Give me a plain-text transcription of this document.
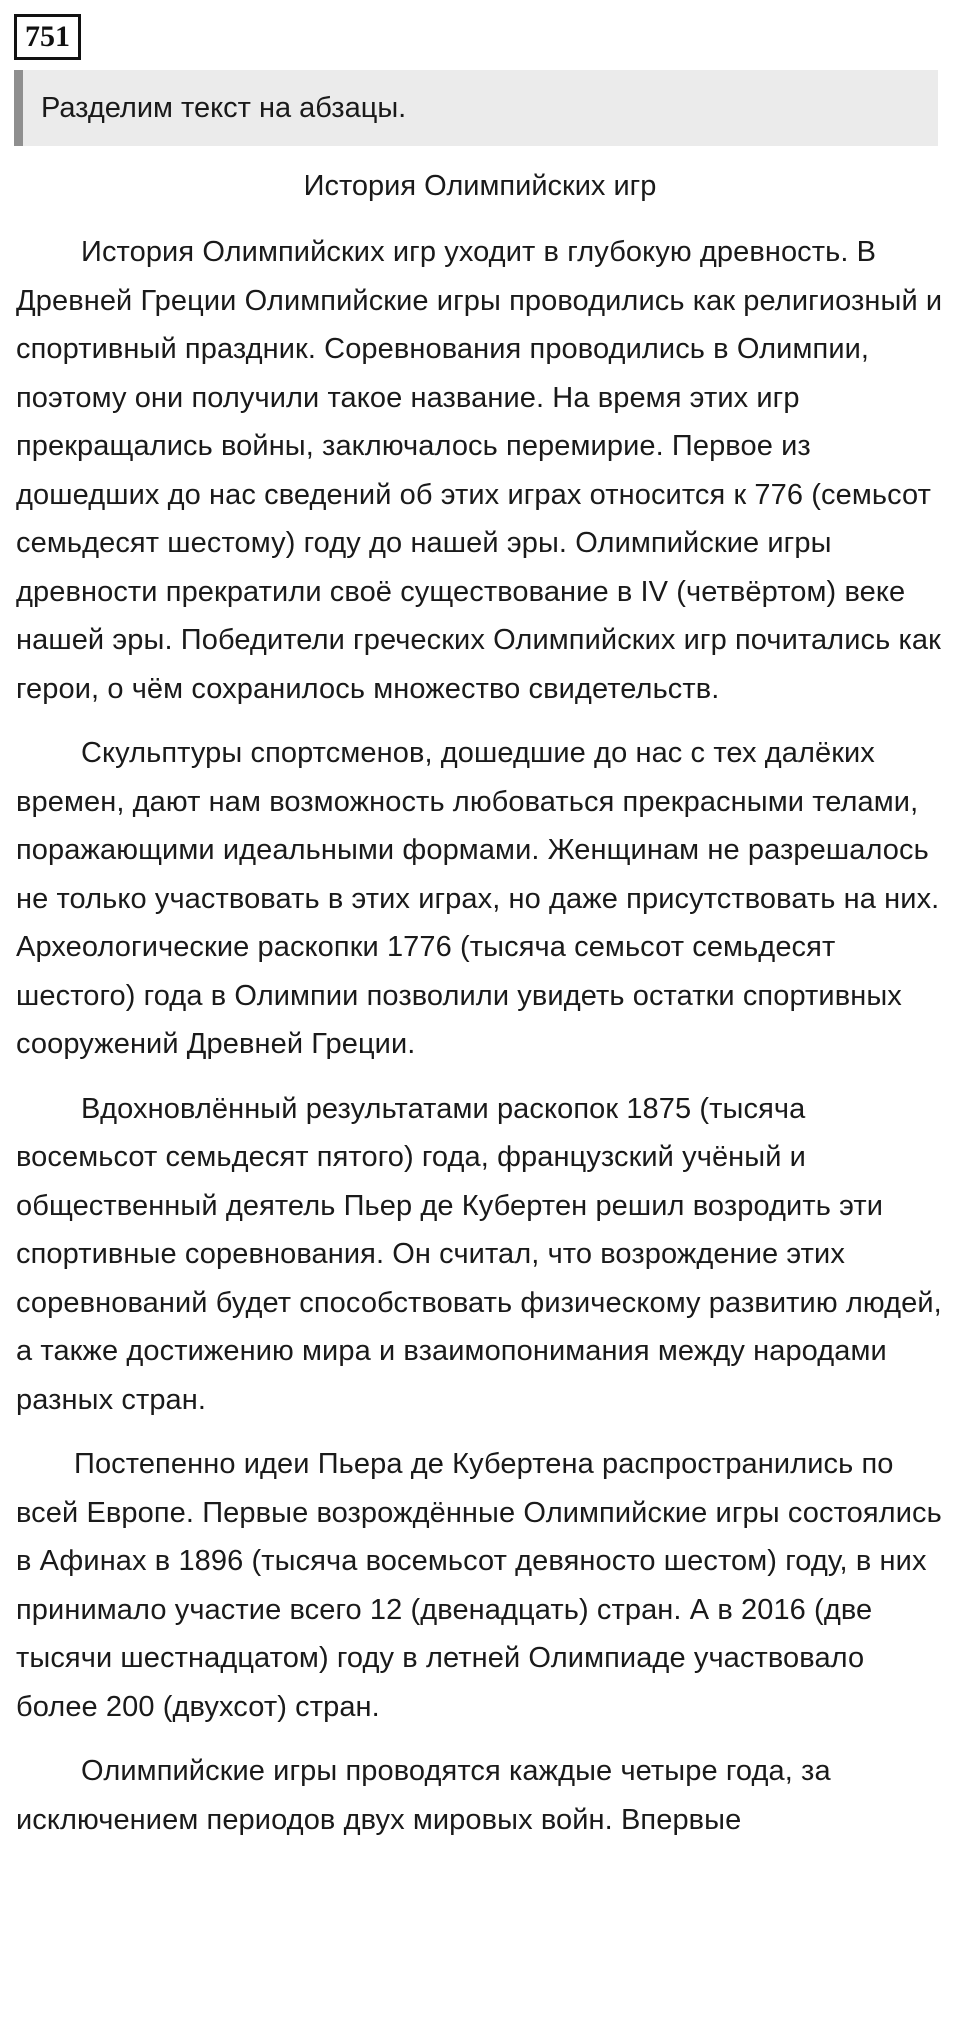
751
Разделим текст на абзацы.
История Олимпийских игр

История Олимпийских игр уходит в глубокую древность. В Древней Греции Олимпийские игры проводились как религиозный и спортивный праздник. Соревнования проводились в Олимпии, поэтому они получили такое название. На время этих игр прекращались войны, заключалось перемирие. Первое из дошедших до нас сведений об этих играх относится к 776 (семьсот семьдесят шестому) году до нашей эры. Олимпийские игры древности прекратили своё существование в IV (четвёртом) веке нашей эры. Победители греческих Олимпийских игр почитались как герои, о чём сохранилось множество свидетельств.

Скульптуры спортсменов, дошедшие до нас с тех далёких времен, дают нам возможность любоваться прекрасными телами, поражающими идеальными формами. Женщинам не разрешалось не только участвовать в этих играх, но даже присутствовать на них. Археологические раскопки 1776 (тысяча семьсот семьдесят шестого) года в Олимпии позволили увидеть остатки спортивных сооружений Древней Греции.

Вдохновлённый результатами раскопок 1875 (тысяча восемьсот семьдесят пятого) года, французский учёный и общественный деятель Пьер де Кубертен решил возродить эти спортивные соревнования. Он считал, что возрождение этих соревнований будет способствовать физическому развитию людей, а также достижению мира и взаимопонимания между народами разных стран.

Постепенно идеи Пьера де Кубертена распространились по всей Европе. Первые возрождённые Олимпийские игры состоялись в Афинах в 1896 (тысяча восемьсот девяносто шестом) году, в них принимало участие всего 12 (двенадцать) стран. А в 2016 (две тысячи шестнадцатом) году в летней Олимпиаде участвовало более 200 (двухсот) стран.

Олимпийские игры проводятся каждые четыре года, за исключением периодов двух мировых войн. Впервые
